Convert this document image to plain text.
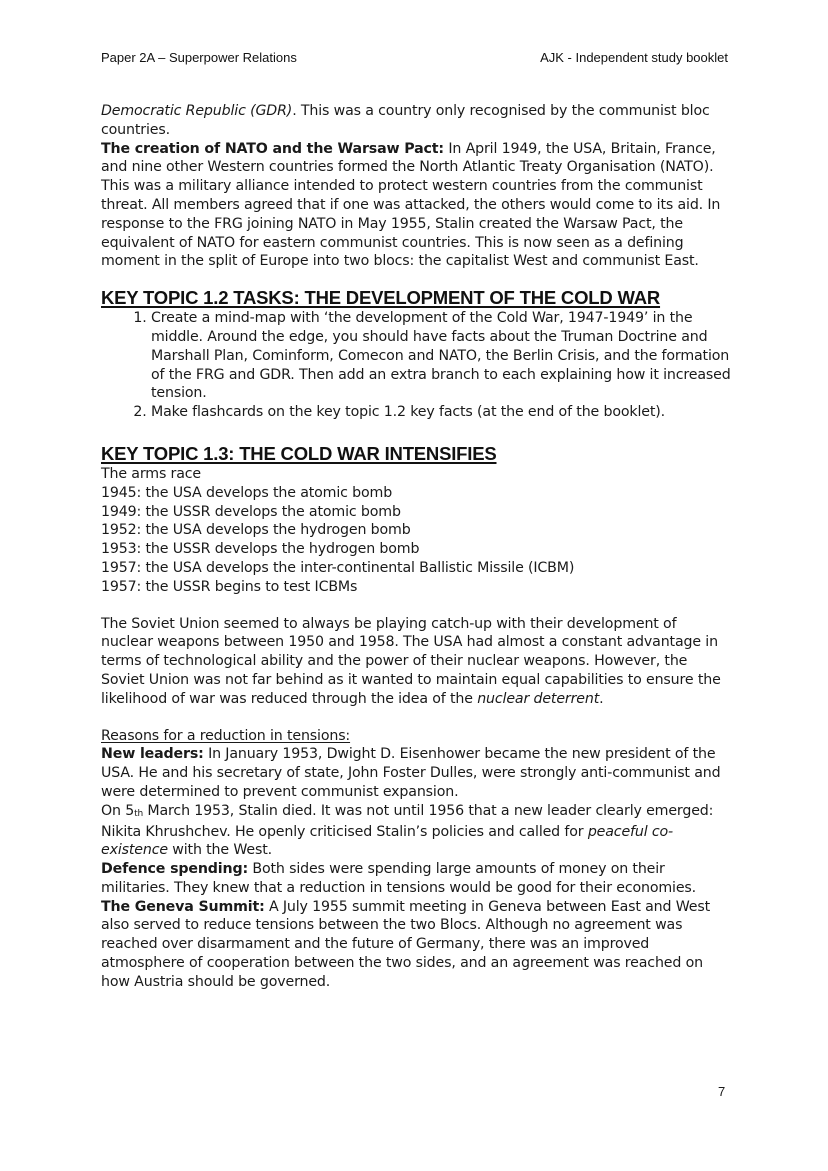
Paper 2A – Superpower Relations	AJK - Independent study booklet

Democratic Republic (GDR). This was a country only recognised by the communist bloc countries.

The creation of NATO and the Warsaw Pact: In April 1949, the USA, Britain, France, and nine other Western countries formed the North Atlantic Treaty Organisation (NATO). This was a military alliance intended to protect western countries from the communist threat. All members agreed that if one was attacked, the others would come to its aid. In response to the FRG joining NATO in May 1955, Stalin created the Warsaw Pact, the equivalent of NATO for eastern communist countries. This is now seen as a defining moment in the split of Europe into two blocs: the capitalist West and communist East.

KEY TOPIC 1.2 TASKS: THE DEVELOPMENT OF THE COLD WAR
1. Create a mind-map with ‘the development of the Cold War, 1947-1949’ in the middle. Around the edge, you should have facts about the Truman Doctrine and Marshall Plan, Cominform, Comecon and NATO, the Berlin Crisis, and the formation of the FRG and GDR. Then add an extra branch to each explaining how it increased tension.
2. Make flashcards on the key topic 1.2 key facts (at the end of the booklet).
KEY TOPIC 1.3: THE COLD WAR INTENSIFIES

The arms race

1945: the USA develops the atomic bomb

1949: the USSR develops the atomic bomb

1952: the USA develops the hydrogen bomb

1953: the USSR develops the hydrogen bomb

1957: the USA develops the inter-continental Ballistic Missile (ICBM)

1957: the USSR begins to test ICBMs

The Soviet Union seemed to always be playing catch-up with their development of nuclear weapons between 1950 and 1958. The USA had almost a constant advantage in terms of technological ability and the power of their nuclear weapons. However, the Soviet Union was not far behind as it wanted to maintain equal capabilities to ensure the likelihood of war was reduced through the idea of the nuclear deterrent.

Reasons for a reduction in tensions:

New leaders: In January 1953, Dwight D. Eisenhower became the new president of the USA. He and his secretary of state, John Foster Dulles, were strongly anti-communist and were determined to prevent communist expansion.

On $5_{th}$ March 1953, Stalin died. It was not until 1956 that a new leader clearly emerged: Nikita Khrushchev. He openly criticised Stalin’s policies and called for peaceful co-existence with the West.

Defence spending: Both sides were spending large amounts of money on their militaries. They knew that a reduction in tensions would be good for their economies.

The Geneva Summit: A July 1955 summit meeting in Geneva between East and West also served to reduce tensions between the two Blocs. Although no agreement was reached over disarmament and the future of Germany, there was an improved atmosphere of cooperation between the two sides, and an agreement was reached on how Austria should be governed.

7
